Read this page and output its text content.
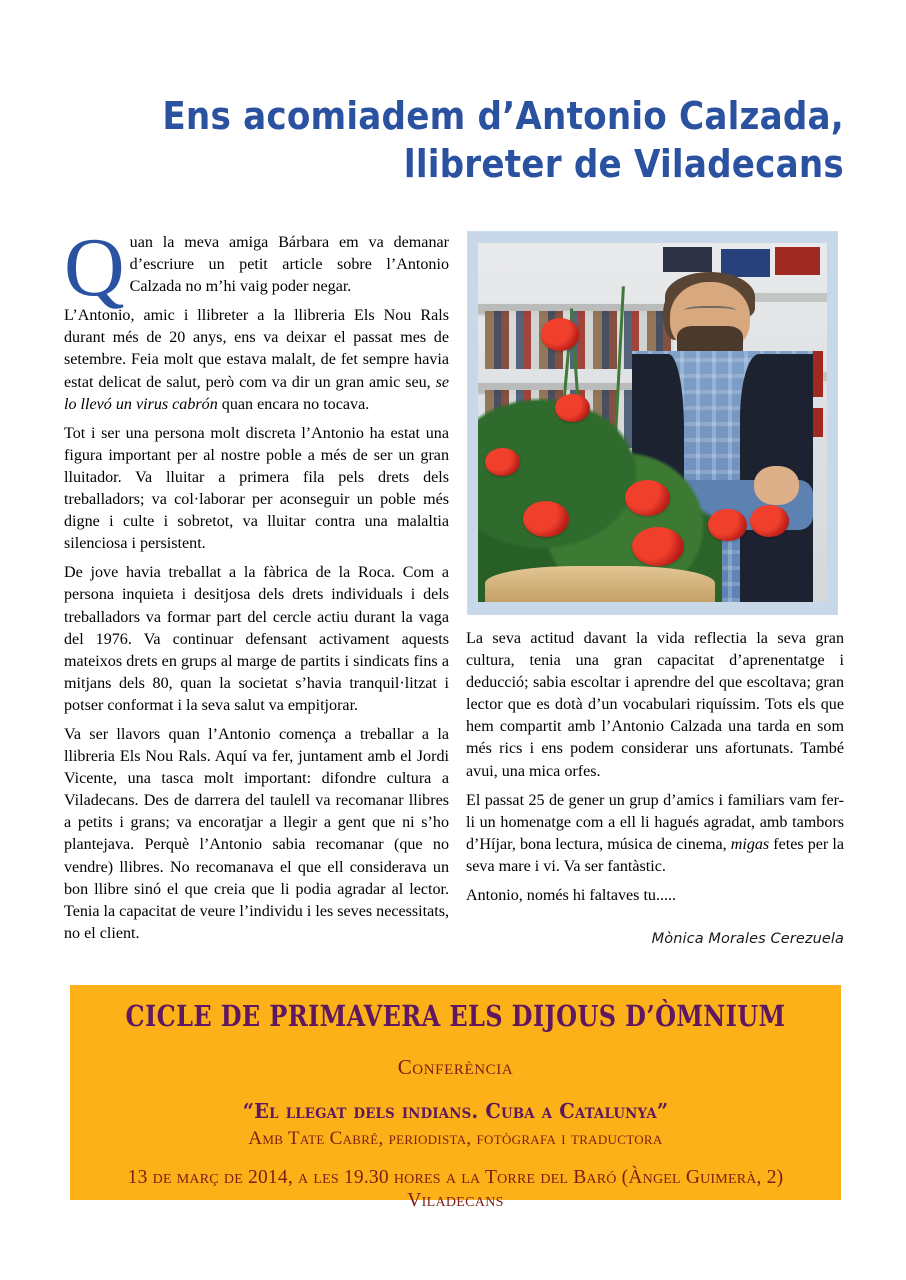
Ens acomiadem d’Antonio Calzada,
llibreter de Viladecans

Quan la meva amiga Bárbara em va demanar d’escriure un petit article sobre l’Antonio Calzada no m’hi vaig poder negar.

L’Antonio, amic i llibreter a la llibreria Els Nou Rals durant més de 20 anys, ens va deixar el passat mes de setembre. Feia molt que estava malalt, de fet sempre havia estat delicat de salut, però com va dir un gran amic seu, se lo llevó un virus cabrón quan encara no tocava.

Tot i ser una persona molt discreta l’Antonio ha estat una figura important per al nostre poble a més de ser un gran lluitador. Va lluitar a primera fila pels drets dels treballadors; va col·laborar per aconseguir un poble més digne i culte i sobretot, va lluitar contra una malaltia silenciosa i persistent.

De jove havia treballat a la fàbrica de la Roca. Com a persona inquieta i desitjosa dels drets individuals i dels treballadors va formar part del cercle actiu durant la vaga del 1976. Va continuar defensant activament aquests mateixos drets en grups al marge de partits i sindicats fins a mitjans dels 80, quan la societat s’havia tranquil·litzat i potser conformat i la seva salut va empitjorar.

Va ser llavors quan l’Antonio comença a treballar a la llibreria Els Nou Rals. Aquí va fer, juntament amb el Jordi Vicente, una tasca molt important: difondre cultura a Viladecans. Des de darrera del taulell va recomanar llibres a petits i grans; va encoratjar a llegir a gent que ni s’ho plantejava. Perquè l’Antonio sabia recomanar (que no vendre) llibres. No recomanava el que ell considerava un bon llibre sinó el que creia que li podia agradar al lector. Tenia la capacitat de veure l’individu i les seves necessitats, no el client.

La seva actitud davant la vida reflectia la seva gran cultura, tenia una gran capacitat d’aprenentatge i deducció; sabia escoltar i aprendre del que escoltava; gran lector que es dotà d’un vocabulari riquíssim. Tots els que hem compartit amb l’Antonio Calzada una tarda en som més rics i ens podem considerar uns afortunats. També avui, una mica orfes.

El passat 25 de gener un grup d’amics i familiars vam fer-li un homenatge com a ell li hagués agradat, amb tambors d’Híjar, bona lectura, música de cinema, migas fetes per la seva mare i vi. Va ser fantàstic.

Antonio, només hi faltaves tu.....

Mònica Morales Cerezuela
CICLE DE PRIMAVERA ELS DIJOUS D’ÒMNIUM
Conferència
“El llegat dels indians. Cuba a Catalunya”
Amb Tate Cabré, periodista, fotògrafa i traductora
13 de març de 2014, a les 19.30 hores a la Torre del Baró (Àngel Guimerà, 2)
Viladecans
